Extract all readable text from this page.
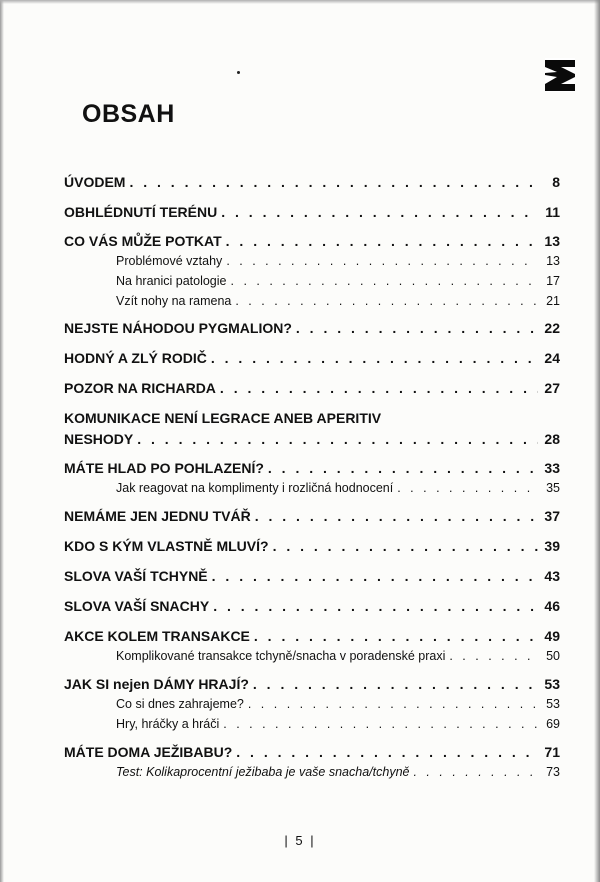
OBSAH
ÚVODEM . . .	8
OBHLÉDNUTÍ TERÉNU . . .	11
CO VÁS MŮŽE POTKAT . . .	13
Problémové vztahy . . .	13
Na hranici patologie . . .	17
Vzít nohy na ramena . . .	21
NEJSTE NÁHODOU PYGMALION? . . .	22
HODNÝ A ZLÝ RODIČ . . .	24
POZOR NA RICHARDA . . .	27
KOMUNIKACE NENÍ LEGRACE ANEB APERITIV
NESHODY . . .	28
MÁTE HLAD PO POHLAZENÍ? . . .	33
Jak reagovat na komplimenty i rozličná hodnocení . . .	35
NEMÁME JEN JEDNU TVÁŘ . . .	37
KDO S KÝM VLASTNĚ MLUVÍ? . . .	39
SLOVA VAŠÍ TCHYNĚ . . .	43
SLOVA VAŠÍ SNACHY . . .	46
AKCE KOLEM TRANSAKCE . . .	49
Komplikované transakce tchyně/snacha v poradenské praxi . . .	50
JAK SI nejen DÁMY HRAJÍ? . . .	53
Co si dnes zahrajeme? . . .	53
Hry, hráčky a hráči . . .	69
MÁTE DOMA JEŽIBABU? . . .	71
Test: Kolikaprocentní ježibaba je vaše snacha/tchyně . . .	73
| 5 |
